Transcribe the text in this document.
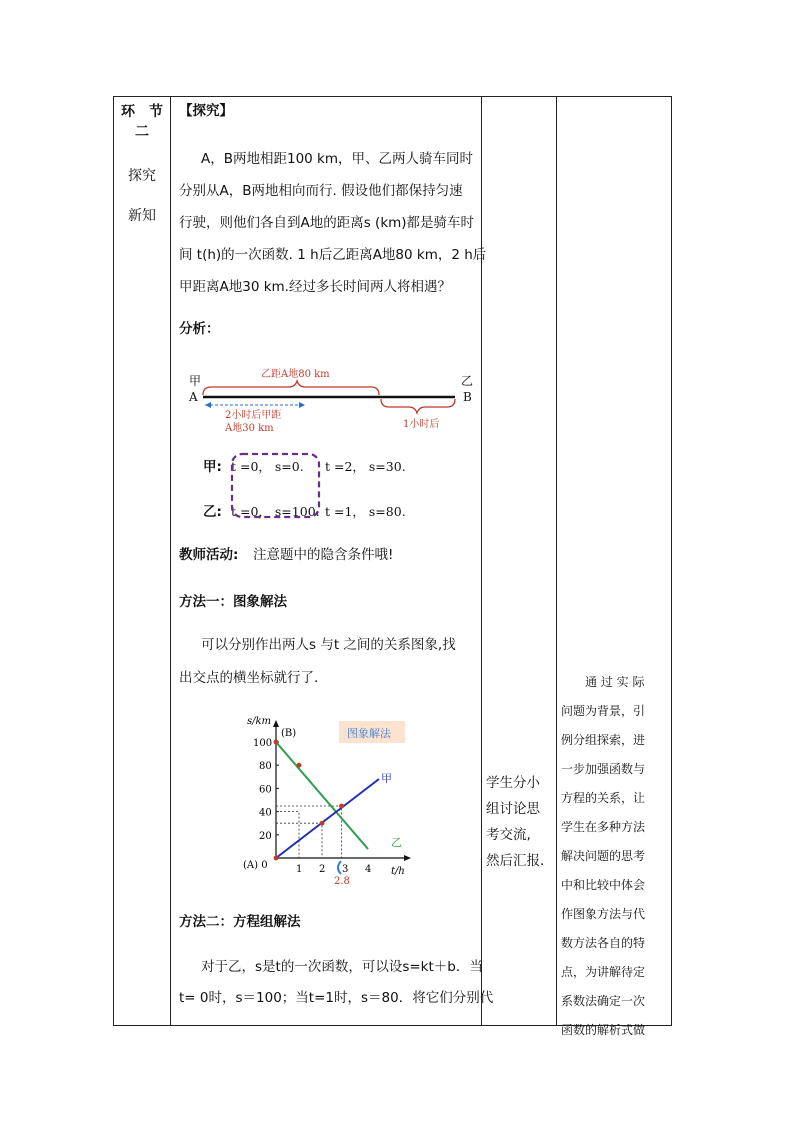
环　节
二
探究
新知
【探究】
A，B两地相距100 km，甲、乙两人骑车同时
分别从A，B两地相向而行. 假设他们都保持匀速
行驶，则他们各自到A地的距离s (km)都是骑车时
间 t(h)的一次函数. 1 h后乙距离A地80 km，2 h后
甲距离A地30 km.经过多长时间两人将相遇？
分析：
甲
A
乙
B
乙距A地80 km
2小时后甲距
A地30 km	1小时后
甲: t =0， s=0. t =2， s=30.
乙: t =0， s=100. t =1， s=80.
教师活动: 注意题中的隐含条件哦!
方法一：图象解法
可以分别作出两人s 与t 之间的关系图象,找
出交点的横坐标就行了.
s/km
t/h
(A) 0
(B)	图象解法
100
80
60
40
20
1 2 3 4
甲
乙
2.8
方法二：方程组解法
对于乙，s是t的一次函数，可以设s=kt＋b．当
t= 0时，s＝100；当t=1时，s＝80．将它们分别代
学生分小
组讨论思
考交流,
然后汇报.
　　通 过 实 际
问题为背景，引
例分组探索，进
一步加强函数与
方程的关系，让
学生在多种方法
解决问题的思考
中和比较中体会
作图象方法与代
数方法各自的特
点，为讲解待定
系数法确定一次
函数的解析式做
